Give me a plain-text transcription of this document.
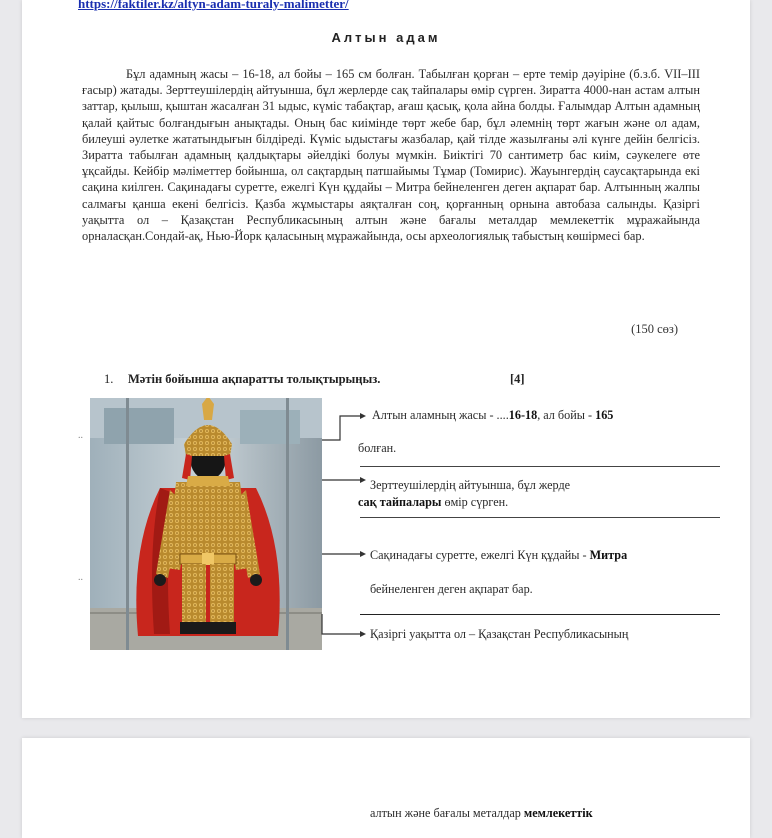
https://faktiler.kz/altyn-adam-turaly-malimetter/
Алтын адам
Бұл адамның жасы – 16-18, ал бойы – 165 см болған. Табылған қорған – ерте темір дәуіріне (б.з.б. VII–III ғасыр) жатады. Зерттеушілердің айтуынша, бұл жерлерде сақ тайпалары өмір сүрген. Зиратта 4000-нан астам алтын заттар, қылыш, қыштан жасалған 31 ыдыс, күміс табақтар, ағаш қасық, қола айна болды. Ғалымдар Алтын адамның қалай қайтыс болғандығын анықтады. Оның бас киімінде төрт жебе бар, бұл әлемнің төрт жағын және ол адам, билеуші әулетке жататындығын білдіреді. Күміс ыдыстағы жазбалар, қай тілде жазылғаны әлі күнге дейін белгісіз. Зиратта табылған адамның қалдықтары әйелдікі болуы мүмкін. Биіктігі 70 сантиметр бас киім, сәукелеге өте ұқсайды. Кейбір мәліметтер бойынша, ол сақтардың патшайымы Тұмар (Томирис). Жауынгердің саусақтарында екі сақина киілген. Сақинадағы суретте, ежелгі Күн құдайы – Митра бейнеленген деген ақпарат бар. Алтынның жалпы салмағы қанша екені белгісіз. Қазба жұмыстары аяқталған соң, қорғанның орнына автобаза салынды. Қазіргі уақытта ол – Қазақстан Республикасының алтын және бағалы металдар мемлекеттік мұражайында орналасқан.Сондай-ақ, Нью-Йорк қаласының мұражайында, осы археологиялық табыстың көшірмесі бар.
(150 сөз)
1. Мәтін бойынша ақпаратты толықтырыңыз.	[4]
..
..
Алтын аламның жасы - ....16-18, ал бойы - 165
болған.
Зерттеушілердің айтуынша, бұл жерде
сақ тайпалары өмір сүрген.
Сақинадағы суретте, ежелгі Күн құдайы - Митра
бейнеленген деген ақпарат бар.
Қазіргі уақытта ол – Қазақстан Республикасының
алтын және бағалы металдар мемлекеттік
